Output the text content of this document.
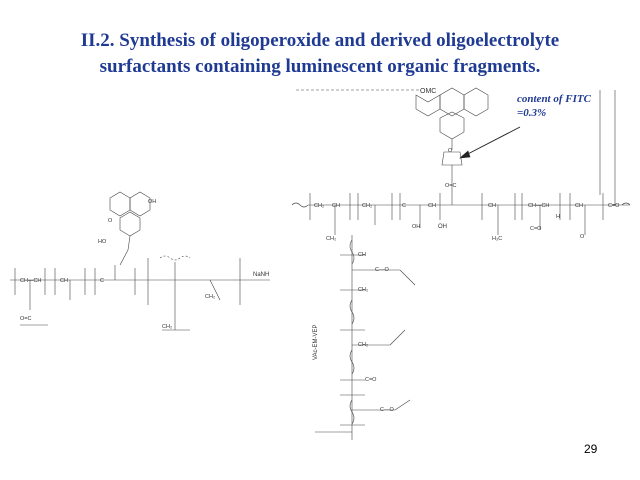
II.2. Synthesis of oligoperoxide and derived oligoelectrolyte
surfactants containing luminescent organic fragments.
CH₂ CH	CH₂	C	CH	CH	CH—CH	CH	C=O
CH₂
OH
O
O=C
H₃C
C=O
O
H
CH—CH	CH	C
O=C
CH₂
CH₂
HO
O
OH
CH
CH₂
CH₂
C=O
C—O
C—O
OMC
NaNH
OH
VAc-EM-VEP
content of FITC
=0.3%
29
